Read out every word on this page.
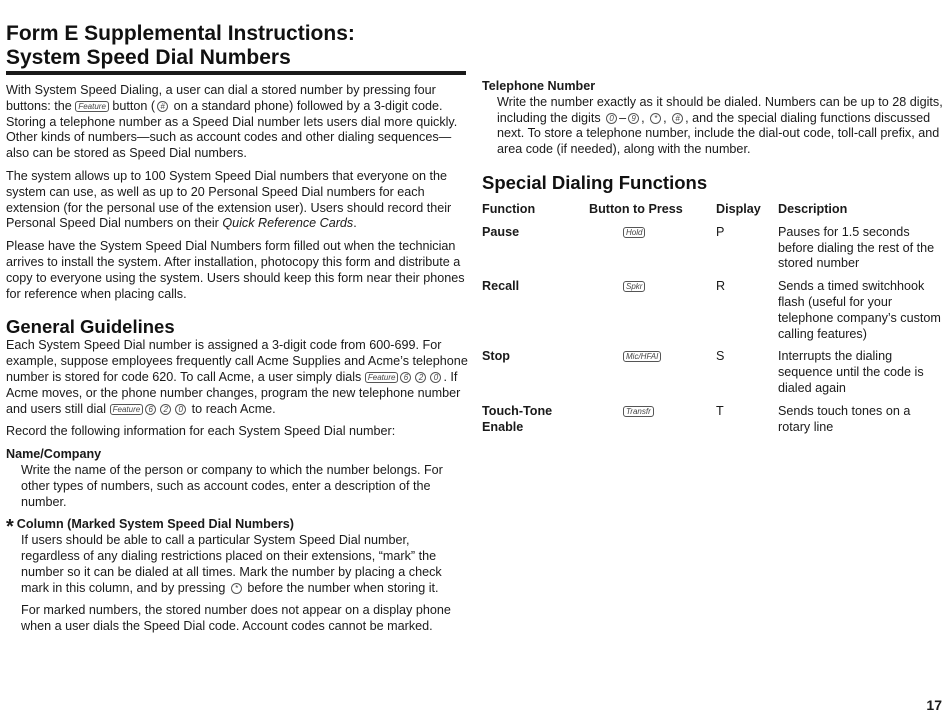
Form E Supplemental Instructions:
System Speed Dial Numbers

With System Speed Dialing, a user can dial a stored number by pressing four buttons: the Feature button ( # on a standard phone) followed by a 3-digit code. Storing a telephone number as a Speed Dial number lets users dial more quickly. Other kinds of numbers—such as account codes and other dialing sequences—also can be stored as Speed Dial numbers.

The system allows up to 100 System Speed Dial numbers that everyone on the system can use, as well as up to 20 Personal Speed Dial numbers for each extension (for the personal use of the extension user). Users should record their Personal Speed Dial numbers on their Quick Reference Cards.

Please have the System Speed Dial Numbers form filled out when the technician arrives to install the system. After installation, photocopy this form and distribute a copy to everyone using the system. Users should keep this form near their phones for reference when placing calls.

General Guidelines

Each System Speed Dial number is assigned a 3-digit code from 600-699. For example, suppose employees frequently call Acme Supplies and Acme’s telephone number is stored for code 620. To call Acme, a user simply dials Feature 6 2 0 . If Acme moves, or the phone number changes, program the new telephone number and users still dial Feature 6 2 0 to reach Acme.

Record the following information for each System Speed Dial number:

Name/Company

Write the name of the person or company to which the number belongs. For other types of numbers, such as account codes, enter a description of the number.

* Column (Marked System Speed Dial Numbers)

If users should be able to call a particular System Speed Dial number, regardless of any dialing restrictions placed on their extensions, “mark” the number so it can be dialed at all times. Mark the number by placing a check mark in this column, and by pressing * before the number when storing it.

For marked numbers, the stored number does not appear on a display phone when a user dials the Speed Dial code. Account codes cannot be marked.

Telephone Number

Write the number exactly as it should be dialed. Numbers can be up to 28 digits, including the digits 0 – 9 , * , # , and the special dialing functions discussed next. To store a telephone number, include the dial-out code, toll-call prefix, and area code (if needed), along with the number.

Special Dialing Functions
Function	Button to Press	Display	Description
Pause	Hold	P	Pauses for 1.5 seconds before dialing the rest of the stored number
Recall	Spkr	R	Sends a timed switchhook flash (useful for your telephone company’s custom calling features)
Stop	Mic/HFAI	S	Interrupts the dialing sequence until the code is dialed again
Touch-Tone Enable	Transfr	T	Sends touch tones on a rotary line
17
